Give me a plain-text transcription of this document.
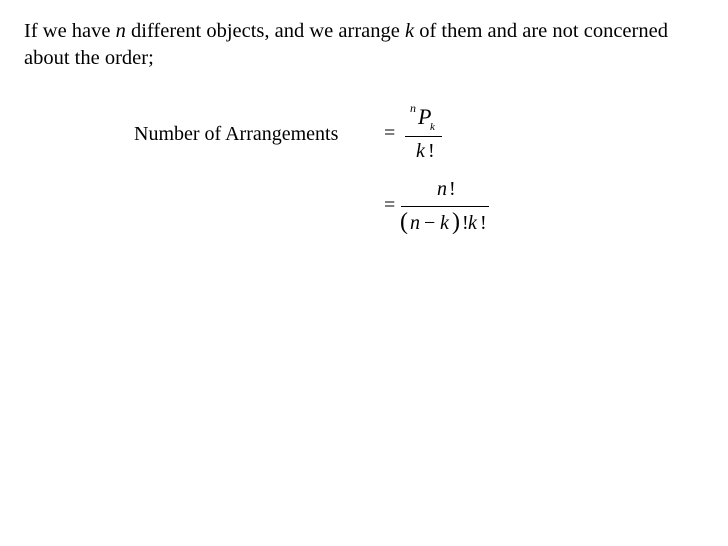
If we have n different objects, and we arrange k of them and are not concerned about the order;
Number of Arrangements =
n P
k
k !
=
n !
( n − k ) ! k !
